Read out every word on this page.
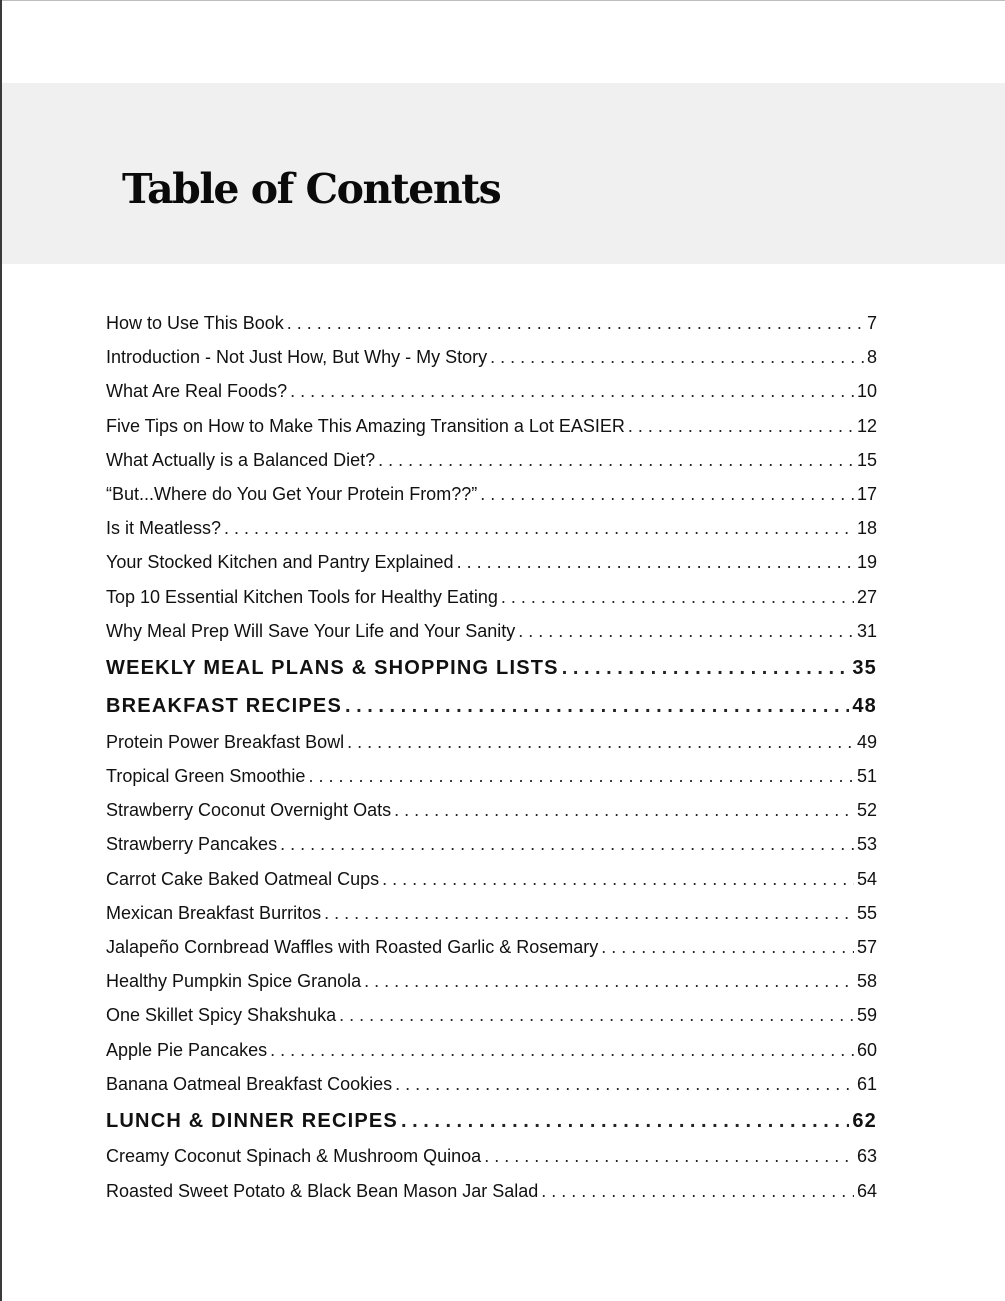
Table of Contents
How to Use This Book . . .	7
Introduction - Not Just How, But Why - My Story . . .	8
What Are Real Foods? . . .	10
Five Tips on How to Make This Amazing Transition a Lot EASIER . . .	12
What Actually is a Balanced Diet? . . .	15
“But...Where do You Get Your Protein From??” . . .	17
Is it Meatless? . . .	18
Your Stocked Kitchen and Pantry Explained . . .	19
Top 10 Essential Kitchen Tools for Healthy Eating . . .	27
Why Meal Prep Will Save Your Life and Your Sanity . . .	31
WEEKLY MEAL PLANS & SHOPPING LISTS . . .	35
BREAKFAST RECIPES . . .	48
Protein Power Breakfast Bowl . . .	49
Tropical Green Smoothie . . .	51
Strawberry Coconut Overnight Oats . . .	52
Strawberry Pancakes . . .	53
Carrot Cake Baked Oatmeal Cups . . .	54
Mexican Breakfast Burritos . . .	55
Jalapeño Cornbread Waffles with Roasted Garlic & Rosemary . . .	57
Healthy Pumpkin Spice Granola . . .	58
One Skillet Spicy Shakshuka . . .	59
Apple Pie Pancakes . . .	60
Banana Oatmeal Breakfast Cookies . . .	61
LUNCH & DINNER RECIPES . . .	62
Creamy Coconut Spinach & Mushroom Quinoa . . .	63
Roasted Sweet Potato & Black Bean Mason Jar Salad . . .	64
